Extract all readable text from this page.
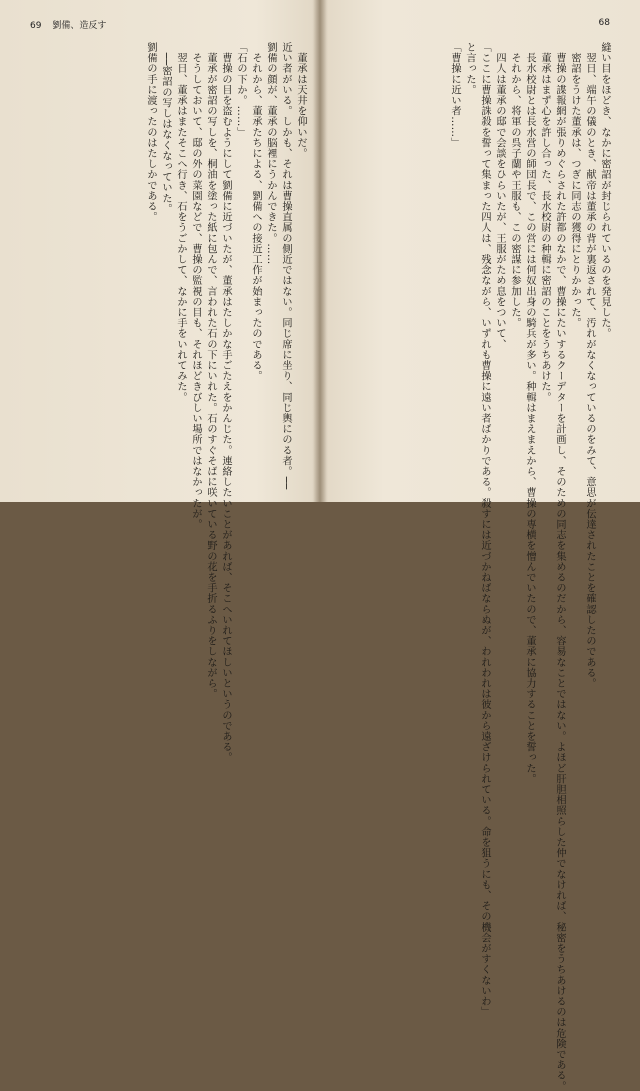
69 劉備、造反す
　董承は天井を仰いだ。
近い者がいる。しかも、それは曹操直属の側近ではない。同じ席に坐り、同じ輿にのる者。──
劉備の顔が、董承の脳裡にうかんできた。……
　それから、董承たちによる、劉備への接近工作が始まったのである。
「石の下か。……」
　曹操の目を盗むようにして劉備に近づいたが、董承はたしかな手ごたえをかんじた。連絡したいことがあれば、そこへいれてほしいというのである。
　董承が密詔の写しを、桐油を塗った紙に包んで、言われた石の下にいれた。石のすぐそばに咲いている野の花を手折るふりをしながら。
　そうしておいて、邸の外の菜園などで、曹操の監視の目も、それほどきびしい場所ではなかったが。
　翌日、董承はまたそこへ行き、石をうごかして、なかに手をいれてみた。
　──密詔の写しはなくなっていた。
劉備の手に渡ったのはたしかである。
68
縫い目をほどき、なかに密詔が封じられているのを発見した。
　翌日、端午の儀のとき、献帝は董承の背が裏返されて、汚れがなくなっているのをみて、意思が伝達されたことを確認したのである。
　密詔をうけた董承は、つぎに同志の獲得にとりかかった。
　曹操の諜報網が張りめぐらされた許都のなかで、曹操にたいするクーデターを計画し、そのための同志を集めるのだから、容易なことではない。よほど肝胆相照らした仲でなければ、秘密をうちあけるのは危険である。
　董承はまず心を許し合った、長水校尉の种輯に密詔のことをうちあけた。
　長水校尉とは長水営の師団長で、この営には何奴出身の騎兵が多い。种輯はまえまえから、曹操の専横を憎んでいたので、董承に協力することを誓った。
　それから、将軍の呉子蘭や王服も、この密謀に参加した。
　四人は董承の邸で会談をひらいたが、王服がため息をついて、
「ここに曹操誅殺を誓って集まった四人は、残念ながら、いずれも曹操に遠い者ばかりである。殺すには近づかねばならぬが、われわれは彼から遠ざけられている。命を狙うにも、その機会がすくないわ」
と言った。
「曹操に近い者……」
